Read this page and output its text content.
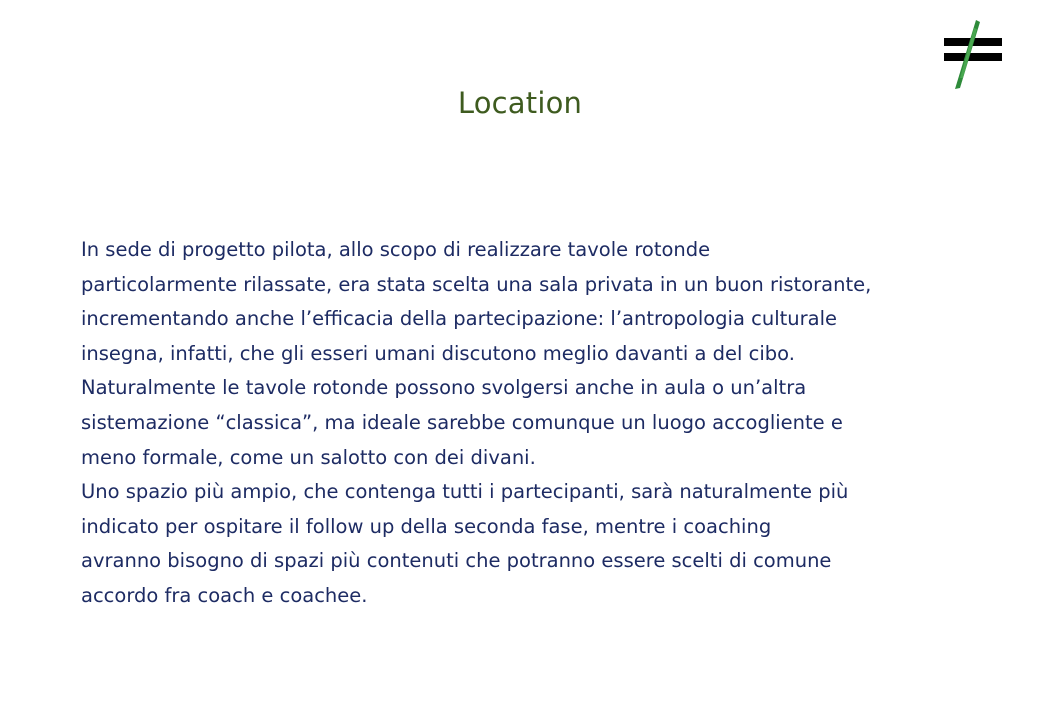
Location
In sede di progetto pilota, allo scopo di realizzare tavole rotonde
particolarmente rilassate, era stata scelta una sala privata in un buon ristorante,
incrementando anche l’efficacia della partecipazione: l’antropologia culturale
insegna, infatti, che gli esseri umani discutono meglio davanti a del cibo.
Naturalmente le tavole rotonde possono svolgersi anche in aula o un’altra
sistemazione “classica”, ma ideale sarebbe comunque un luogo accogliente e
meno formale, come un salotto con dei divani.
Uno spazio più ampio, che contenga tutti i partecipanti, sarà naturalmente più
indicato per ospitare il follow up della seconda fase, mentre i coaching
avranno bisogno di spazi più contenuti che potranno essere scelti di comune
accordo fra coach e coachee.
